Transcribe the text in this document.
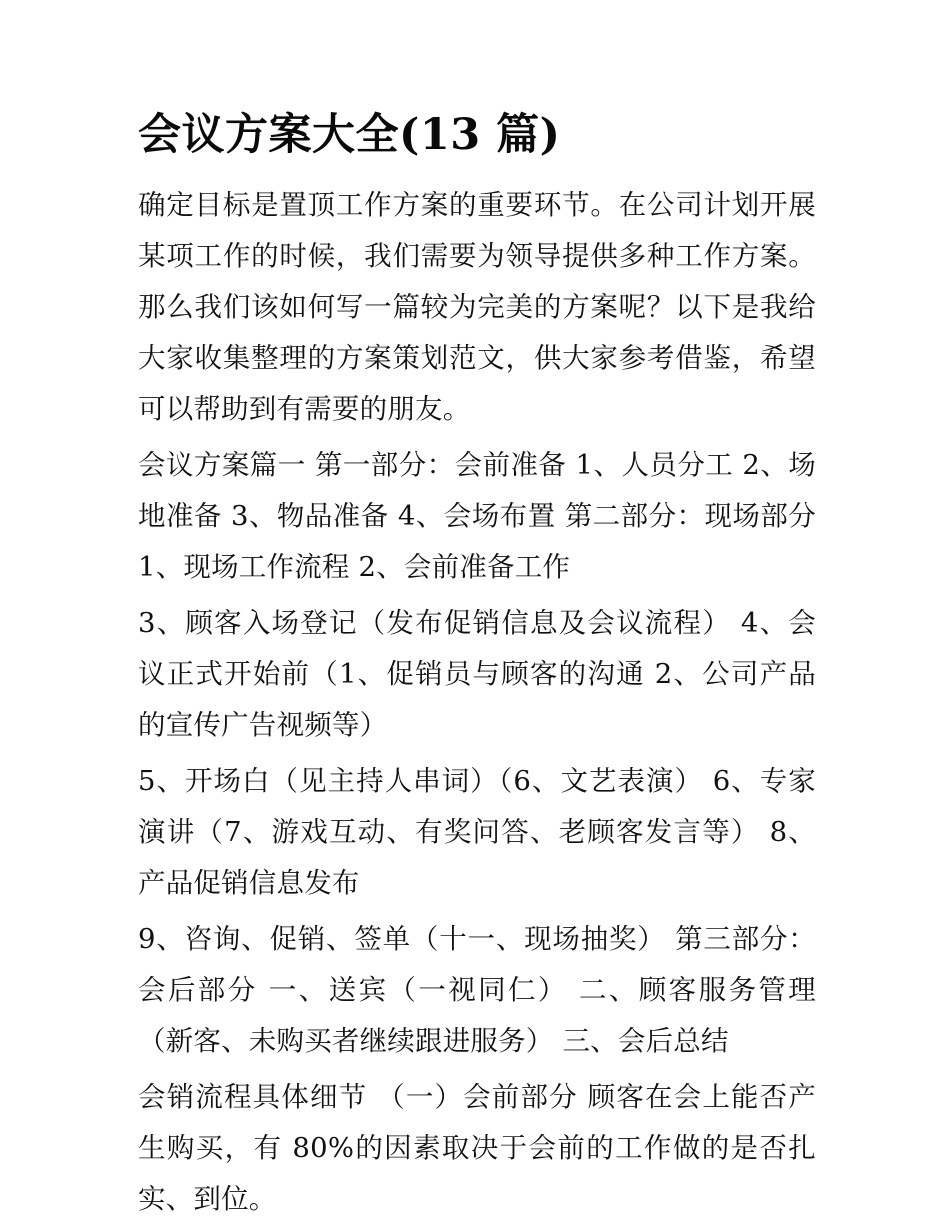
会议方案大全(13 篇)

确定目标是置顶工作方案的重要环节。在公司计划开展某项工作的时候，我们需要为领导提供多种工作方案。那么我们该如何写一篇较为完美的方案呢？以下是我给大家收集整理的方案策划范文，供大家参考借鉴，希望可以帮助到有需要的朋友。

会议方案篇一 第一部分：会前准备 1、人员分工 2、场地准备 3、物品准备 4、会场布置 第二部分：现场部分 1、现场工作流程 2、会前准备工作

3、顾客入场登记（发布促销信息及会议流程） 4、会议正式开始前（1、促销员与顾客的沟通 2、公司产品的宣传广告视频等）

5、开场白（见主持人串词）（6、文艺表演） 6、专家演讲（7、游戏互动、有奖问答、老顾客发言等） 8、产品促销信息发布

9、咨询、促销、签单（十一、现场抽奖） 第三部分：会后部分 一、送宾（一视同仁） 二、顾客服务管理（新客、未购买者继续跟进服务） 三、会后总结

会销流程具体细节 （一）会前部分 顾客在会上能否产生购买，有 80%的因素取决于会前的工作做的是否扎实、到位。
